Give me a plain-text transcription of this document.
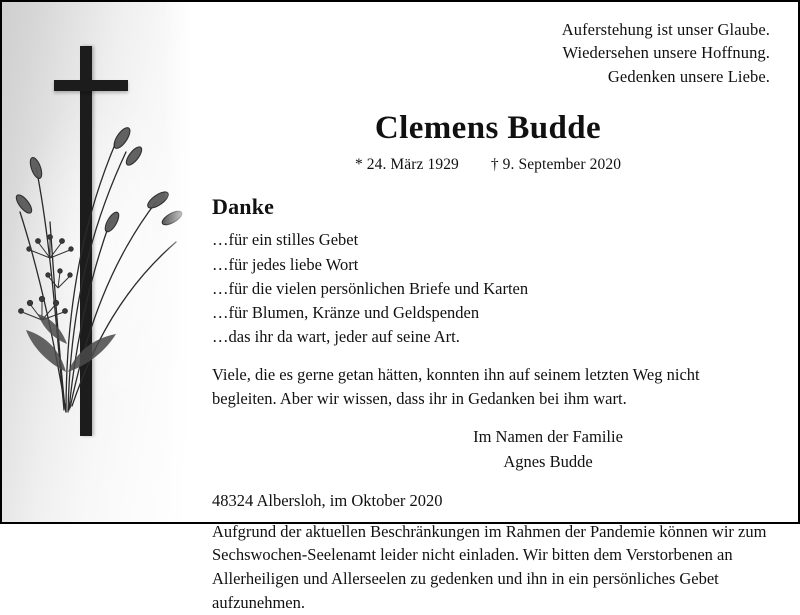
Auferstehung ist unser Glaube.
Wiedersehen unsere Hoffnung.
Gedenken unsere Liebe.
Clemens Budde
* 24. März 1929 † 9. September 2020
Danke
…für ein stilles Gebet
…für jedes liebe Wort
…für die vielen persönlichen Briefe und Karten
…für Blumen, Kränze und Geldspenden
…das ihr da wart, jeder auf seine Art.
Viele, die es gerne getan hätten, konnten ihn auf seinem letzten Weg nicht begleiten. Aber wir wissen, dass ihr in Gedanken bei ihm wart.
Im Namen der Familie
Agnes Budde
48324 Albersloh, im Oktober 2020
Aufgrund der aktuellen Beschränkungen im Rahmen der Pandemie können wir zum Sechswochen-Seelenamt leider nicht einladen. Wir bitten dem Verstorbenen an Allerheiligen und Allerseelen zu gedenken und ihn in ein persönliches Gebet aufzunehmen.
